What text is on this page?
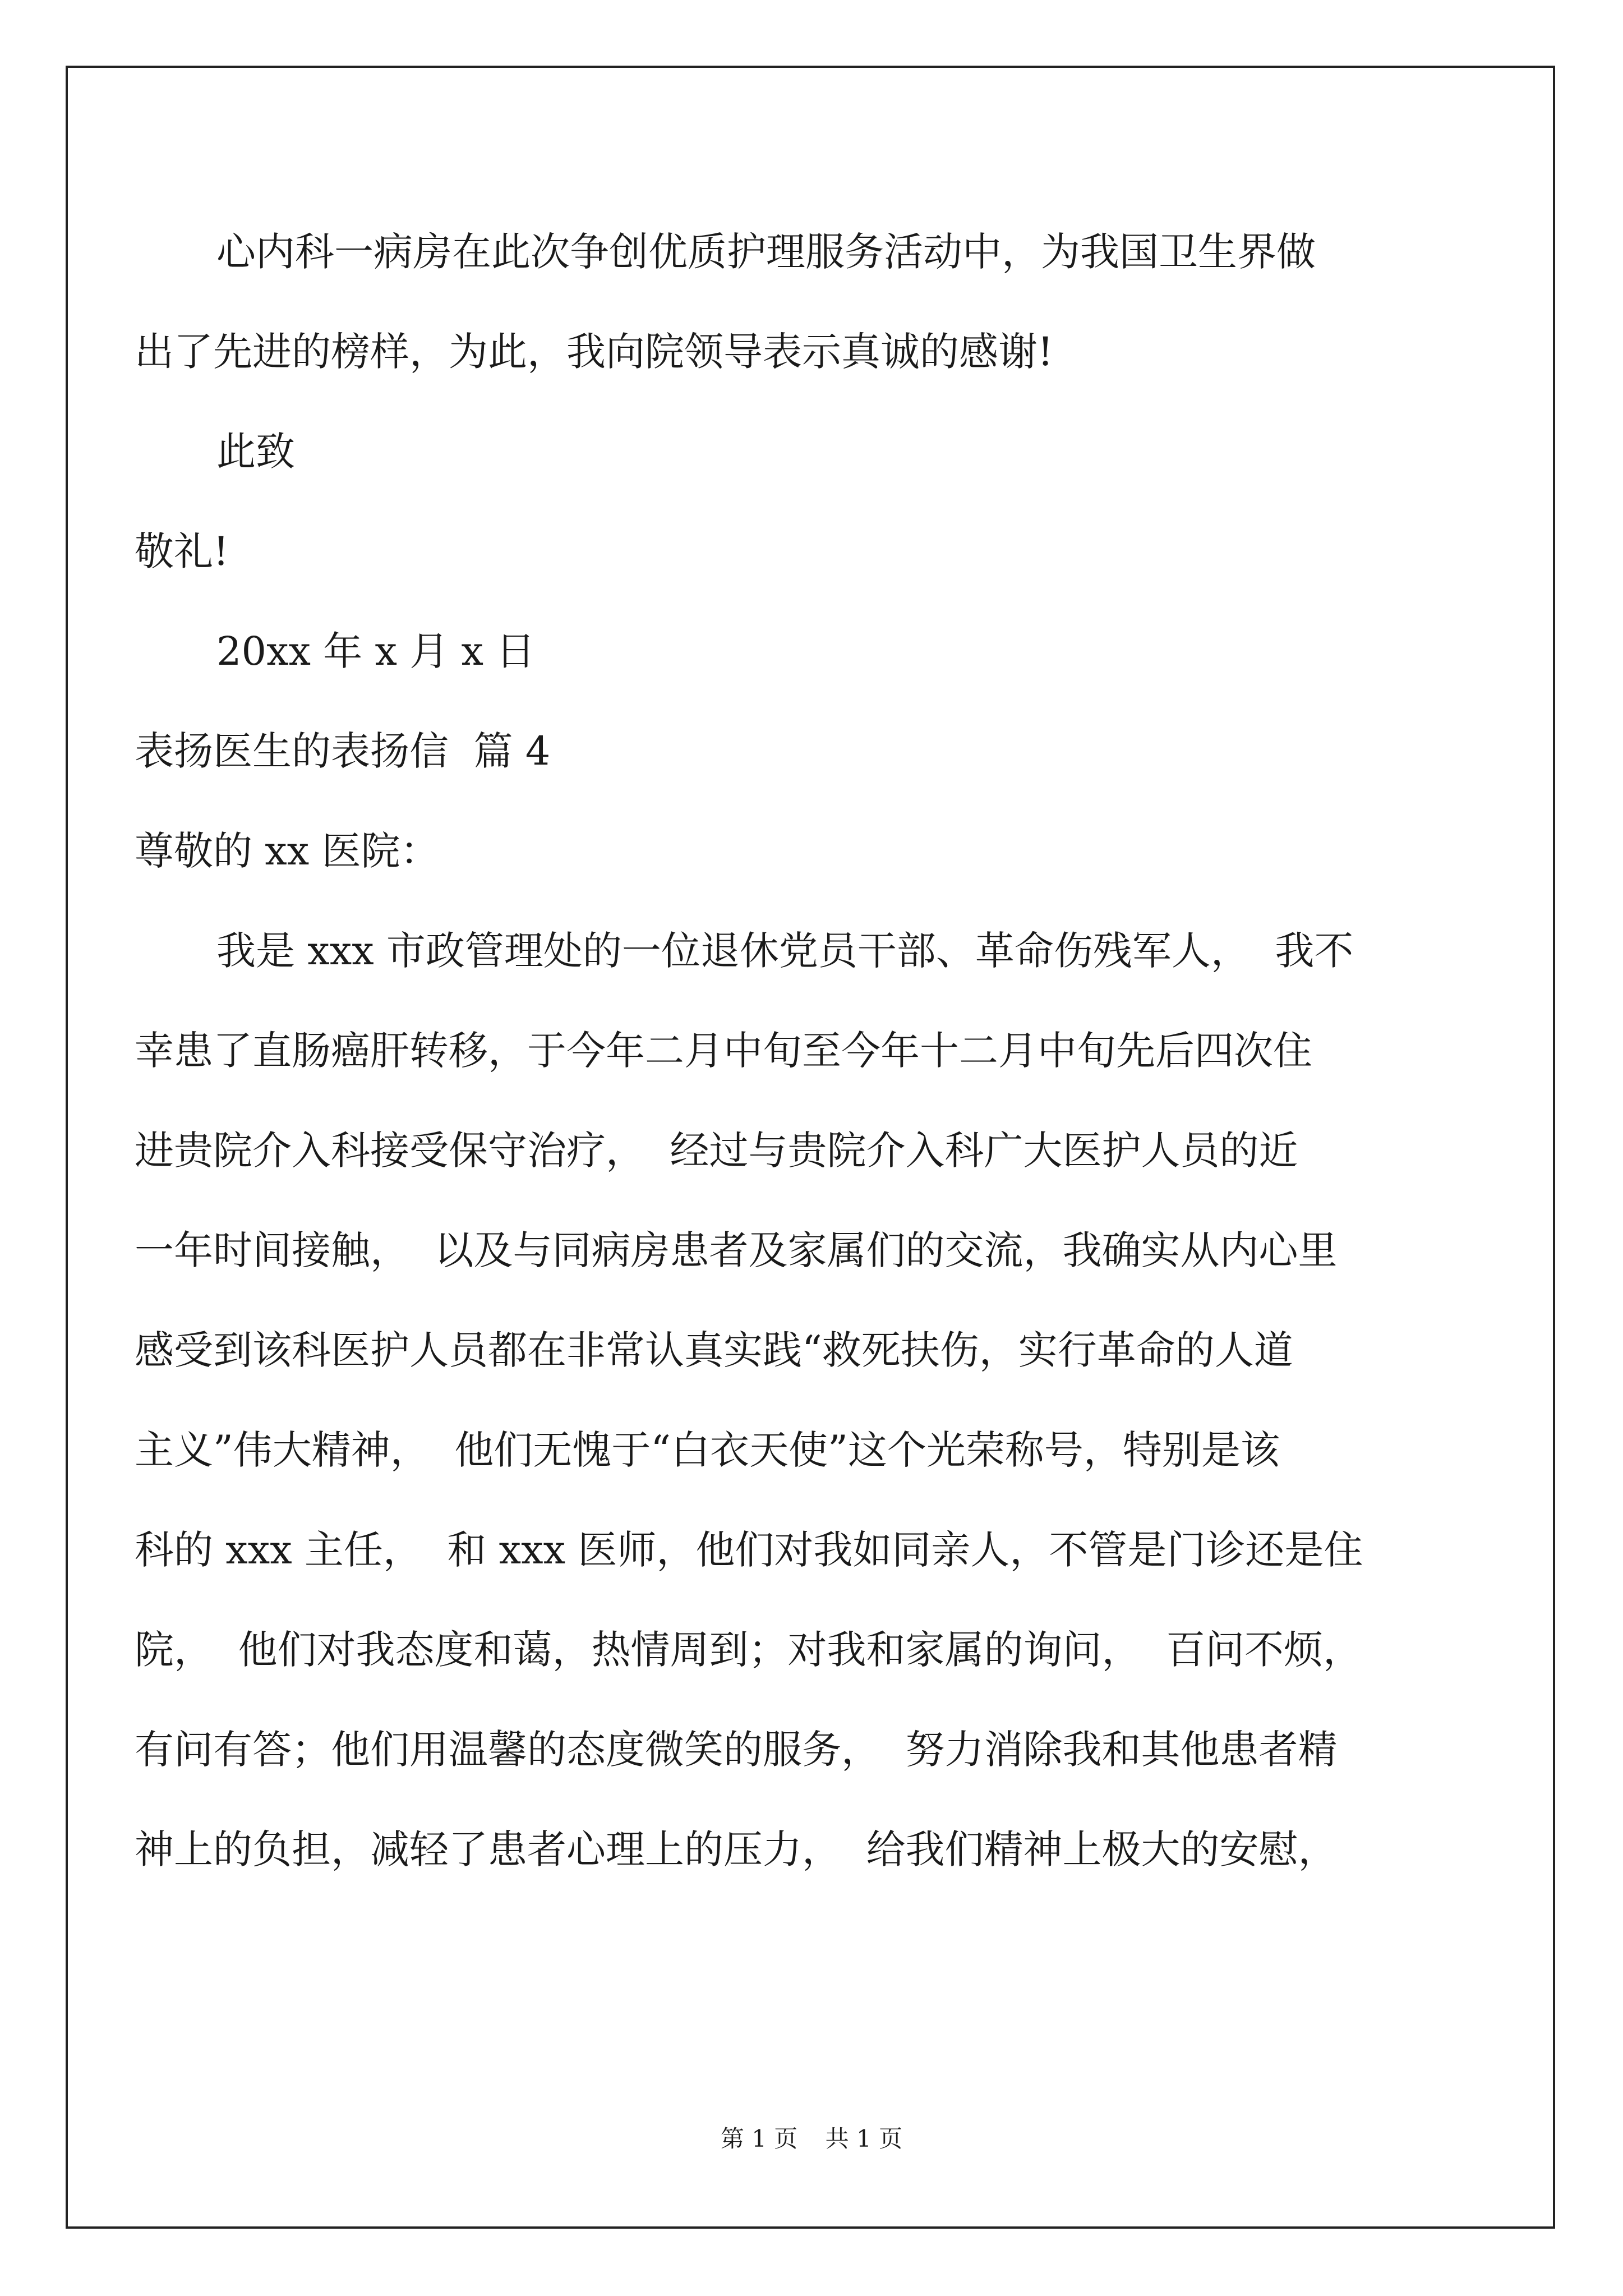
心内科一病房在此次争创优质护理服务活动中，为我国卫生界做
出了先进的榜样，为此，我向院领导表示真诚的感谢!
此致
敬礼!
20xx 年 x 月 x 日
表扬医生的表扬信  篇 4
尊敬的 xx 医院：
我是 xxx 市政管理处的一位退休党员干部、革命伤残军人，  我不
幸患了直肠癌肝转移，于今年二月中旬至今年十二月中旬先后四次住
进贵院介入科接受保守治疗，  经过与贵院介入科广大医护人员的近
一年时间接触，  以及与同病房患者及家属们的交流，我确实从内心里
感受到该科医护人员都在非常认真实践“救死扶伤，实行革命的人道
主义”伟大精神，  他们无愧于“白衣天使”这个光荣称号，特别是该
科的 xxx 主任，  和 xxx 医师，他们对我如同亲人，不管是门诊还是住
院，  他们对我态度和蔼，热情周到；对我和家属的询问，  百问不烦，
有问有答；他们用温馨的态度微笑的服务，  努力消除我和其他患者精
神上的负担，减轻了患者心理上的压力，  给我们精神上极大的安慰，
第 1 页 共 1 页
